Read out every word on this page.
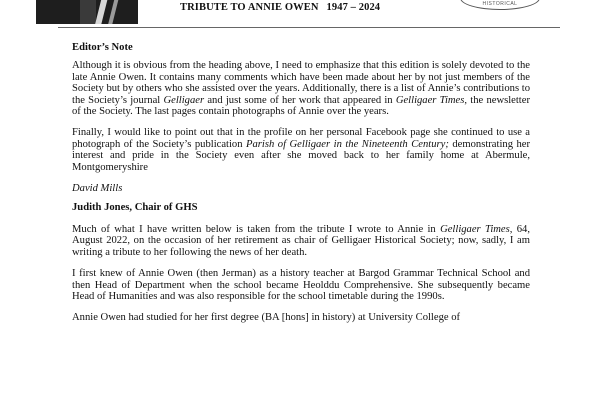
TRIBUTE TO ANNIE OWEN 1947 – 2024	HISTORICAL
Editor’s Note

Although it is obvious from the heading above, I need to emphasize that this edition is solely devoted to the late Annie Owen. It contains many comments which have been made about her by not just members of the Society but by others who she assisted over the years. Additionally, there is a list of Annie’s contributions to the Society’s journal Gelligaer and just some of her work that appeared in Gelligaer Times, the newsletter of the Society. The last pages contain photographs of Annie over the years.

Finally, I would like to point out that in the profile on her personal Facebook page she continued to use a photograph of the Society’s publication Parish of Gelligaer in the Nineteenth Century; demonstrating her interest and pride in the Society even after she moved back to her family home at Abermule, Montgomeryshire

David Mills
Judith Jones, Chair of GHS

Much of what I have written below is taken from the tribute I wrote to Annie in Gelligaer Times, 64, August 2022, on the occasion of her retirement as chair of Gelligaer Historical Society; now, sadly, I am writing a tribute to her following the news of her death.

I first knew of Annie Owen (then Jerman) as a history teacher at Bargod Grammar Technical School and then Head of Department when the school became Heolddu Comprehensive. She subsequently became Head of Humanities and was also responsible for the school timetable during the 1990s.

Annie Owen had studied for her first degree (BA [hons] in history) at University College of
